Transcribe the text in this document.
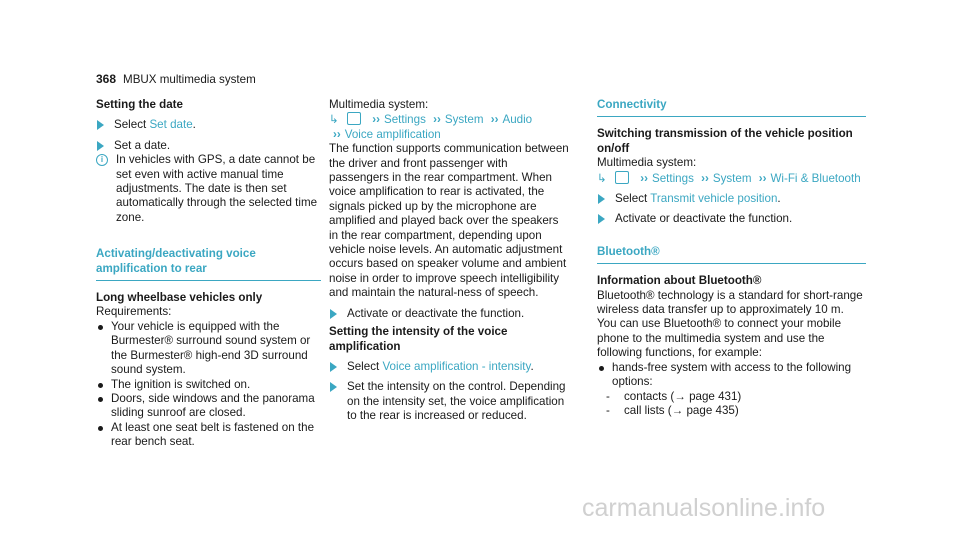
368 MBUX multimedia system
Setting the date
Select Set date.
Set a date.
i	In vehicles with GPS, a date cannot be set even with active manual time adjustments. The date is then set automatically through the selected time zone.
Activating/deactivating voice amplification to rear
Long wheelbase vehicles only
Requirements:
Your vehicle is equipped with the Burmester® surround sound system or the Burmester® high-end 3D surround sound system.
The ignition is switched on.
Doors, side windows and the panorama sliding sunroof are closed.
At least one seat belt is fastened on the rear bench seat.
Multimedia system:
↳	›› Settings ›› System ›› Audio ›› Voice amplification
The function supports communication between the driver and front passenger with passengers in the rear compartment. When voice amplification to rear is activated, the signals picked up by the microphone are amplified and played back over the speakers in the rear compartment, depending upon vehicle noise levels. An automatic adjustment occurs based on speaker volume and ambient noise in order to improve speech intelligibility and maintain the natural-ness of speech.
Activate or deactivate the function.
Setting the intensity of the voice amplification
Select Voice amplification - intensity.
Set the intensity on the control. Depending on the intensity set, the voice amplification to the rear is increased or reduced.
Connectivity
Switching transmission of the vehicle position on/off
Multimedia system:
↳	›› Settings ›› System ›› Wi-Fi & Bluetooth
Select Transmit vehicle position.
Activate or deactivate the function.
Bluetooth®
Information about Bluetooth®
Bluetooth® technology is a standard for short-range wireless data transfer up to approximately 10 m.
You can use Bluetooth® to connect your mobile phone to the multimedia system and use the following functions, for example:
hands-free system with access to the following options:
-	contacts (→ page 431)
-	call lists (→ page 435)
carmanualsonline.info
